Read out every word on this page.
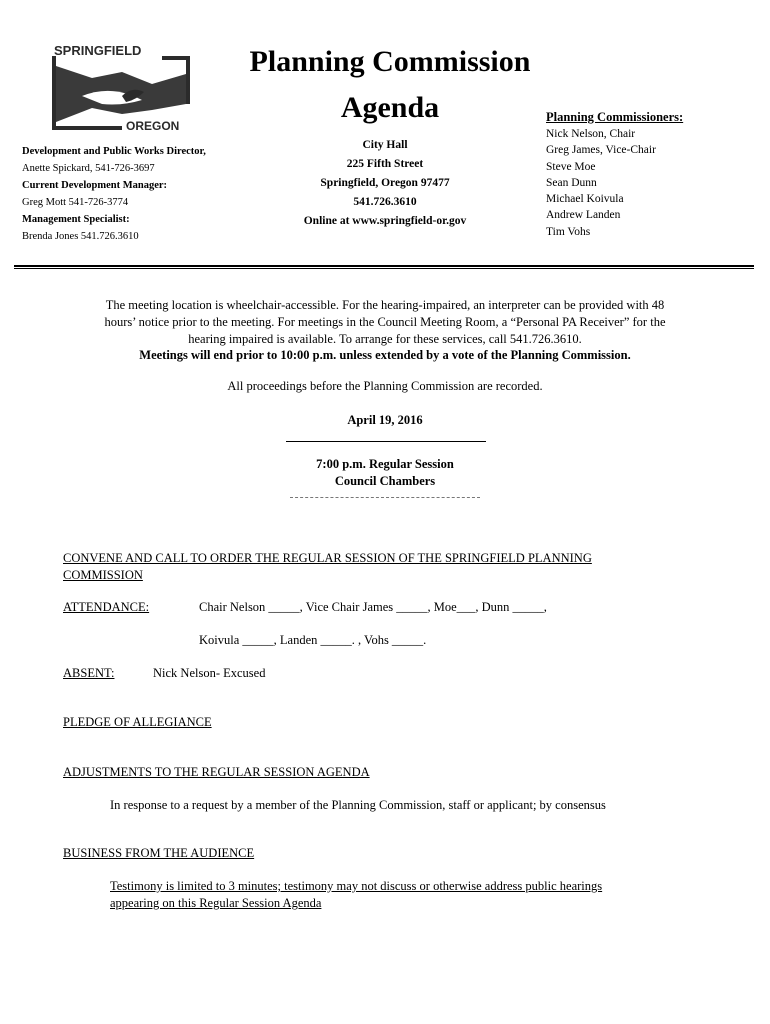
SPRINGFIELD
OREGON
Planning Commission
Agenda
Development and Public Works Director,
Anette Spickard, 541-726-3697
Current Development Manager:
Greg Mott 541-726-3774
Management Specialist:
Brenda Jones 541.726.3610
City Hall
225 Fifth Street
Springfield, Oregon 97477
541.726.3610
Online at www.springfield-or.gov
Planning Commissioners:
Nick Nelson, Chair
Greg James, Vice-Chair
Steve Moe
Sean Dunn
Michael Koivula
Andrew Landen
Tim Vohs
The meeting location is wheelchair-accessible. For the hearing-impaired, an interpreter can be provided with 48
hours’ notice prior to the meeting. For meetings in the Council Meeting Room, a “Personal PA Receiver” for the
hearing impaired is available. To arrange for these services, call 541.726.3610.
Meetings will end prior to 10:00 p.m. unless extended by a vote of the Planning Commission.
All proceedings before the Planning Commission are recorded.
April 19, 2016
7:00 p.m. Regular Session
Council Chambers
CONVENE AND CALL TO ORDER THE REGULAR SESSION OF THE SPRINGFIELD PLANNING
COMMISSION
ATTENDANCE:	Chair Nelson _____, Vice Chair James _____, Moe___, Dunn _____,
Koivula _____, Landen _____. , Vohs _____.
ABSENT:	Nick Nelson- Excused
PLEDGE OF ALLEGIANCE
ADJUSTMENTS TO THE REGULAR SESSION AGENDA
In response to a request by a member of the Planning Commission, staff or applicant; by consensus
BUSINESS FROM THE AUDIENCE
Testimony is limited to 3 minutes; testimony may not discuss or otherwise address public hearings
appearing on this Regular Session Agenda
